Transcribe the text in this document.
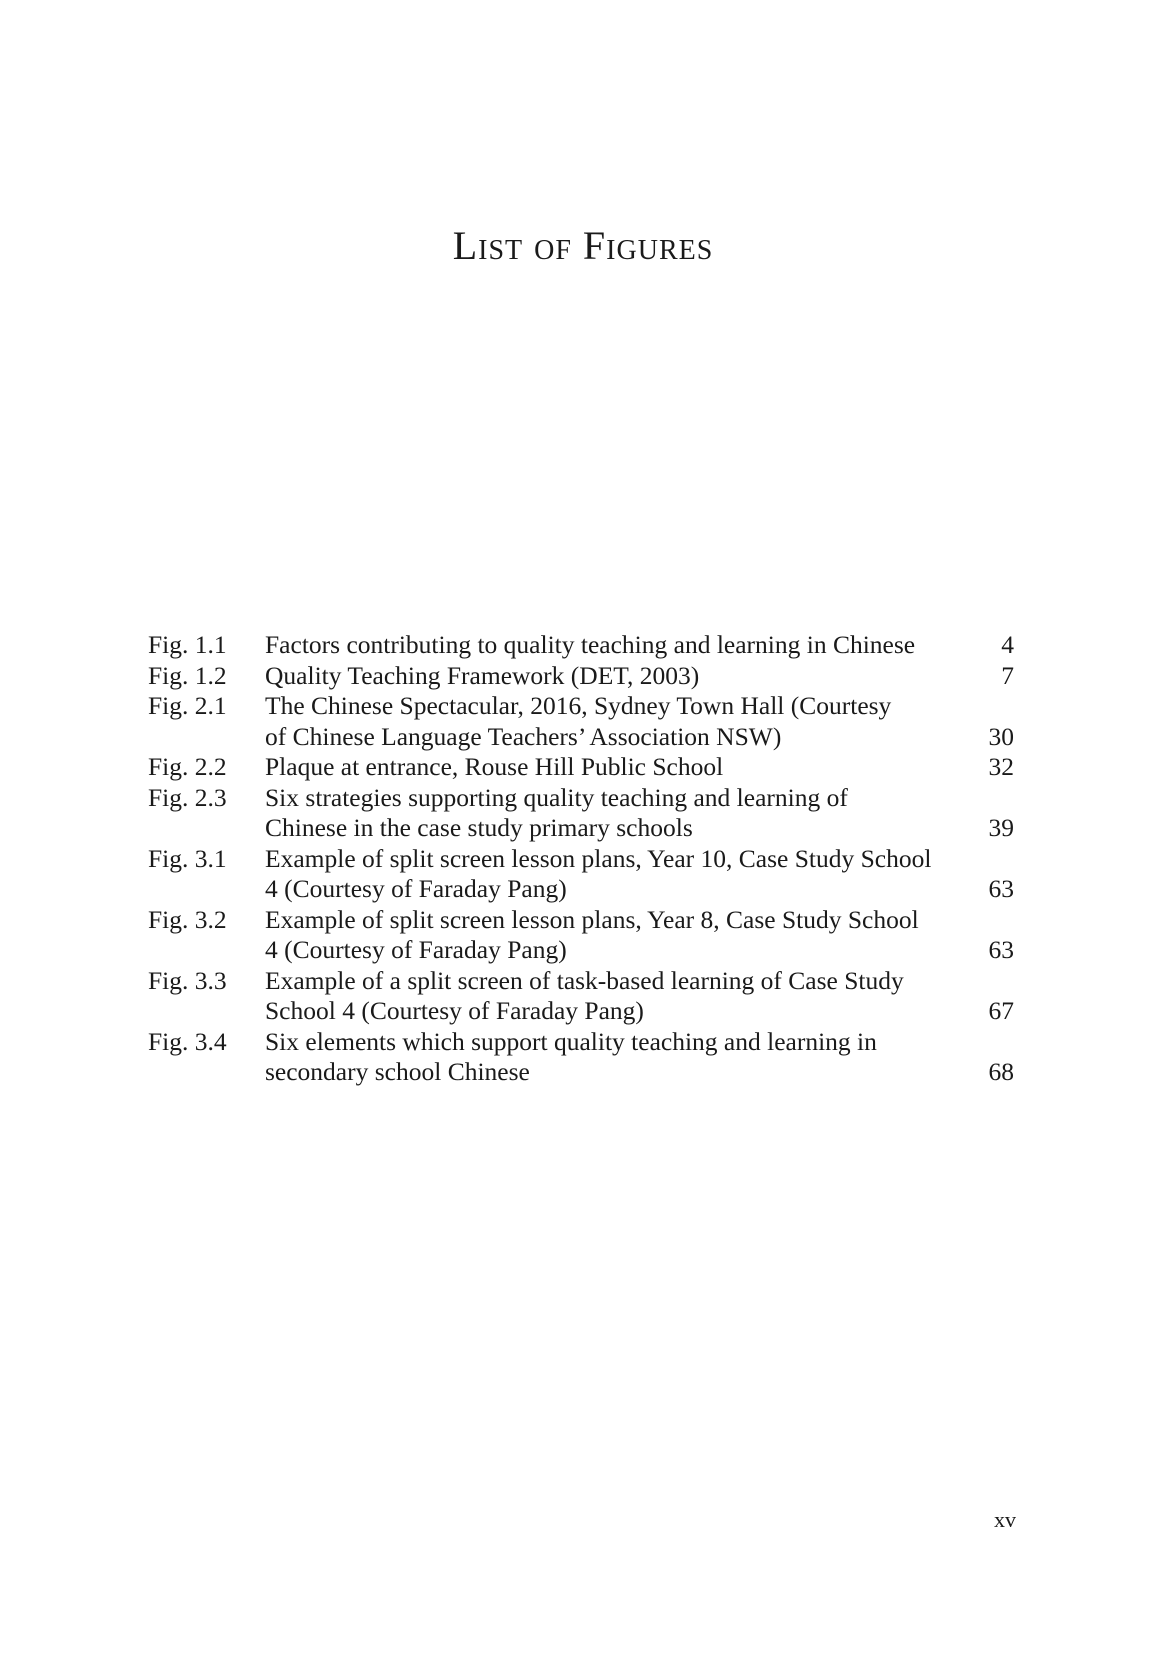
List of Figures
Fig. 1.1	Factors contributing to quality teaching and learning in Chinese	4
Fig. 1.2	Quality Teaching Framework (DET, 2003)	7
Fig. 2.1	The Chinese Spectacular, 2016, Sydney Town Hall (Courtesy
of Chinese Language Teachers’ Association NSW)	30
Fig. 2.2	Plaque at entrance, Rouse Hill Public School	32
Fig. 2.3	Six strategies supporting quality teaching and learning of
Chinese in the case study primary schools	39
Fig. 3.1	Example of split screen lesson plans, Year 10, Case Study School
4 (Courtesy of Faraday Pang)	63
Fig. 3.2	Example of split screen lesson plans, Year 8, Case Study School
4 (Courtesy of Faraday Pang)	63
Fig. 3.3	Example of a split screen of task-based learning of Case Study
School 4 (Courtesy of Faraday Pang)	67
Fig. 3.4	Six elements which support quality teaching and learning in
secondary school Chinese	68
xv
